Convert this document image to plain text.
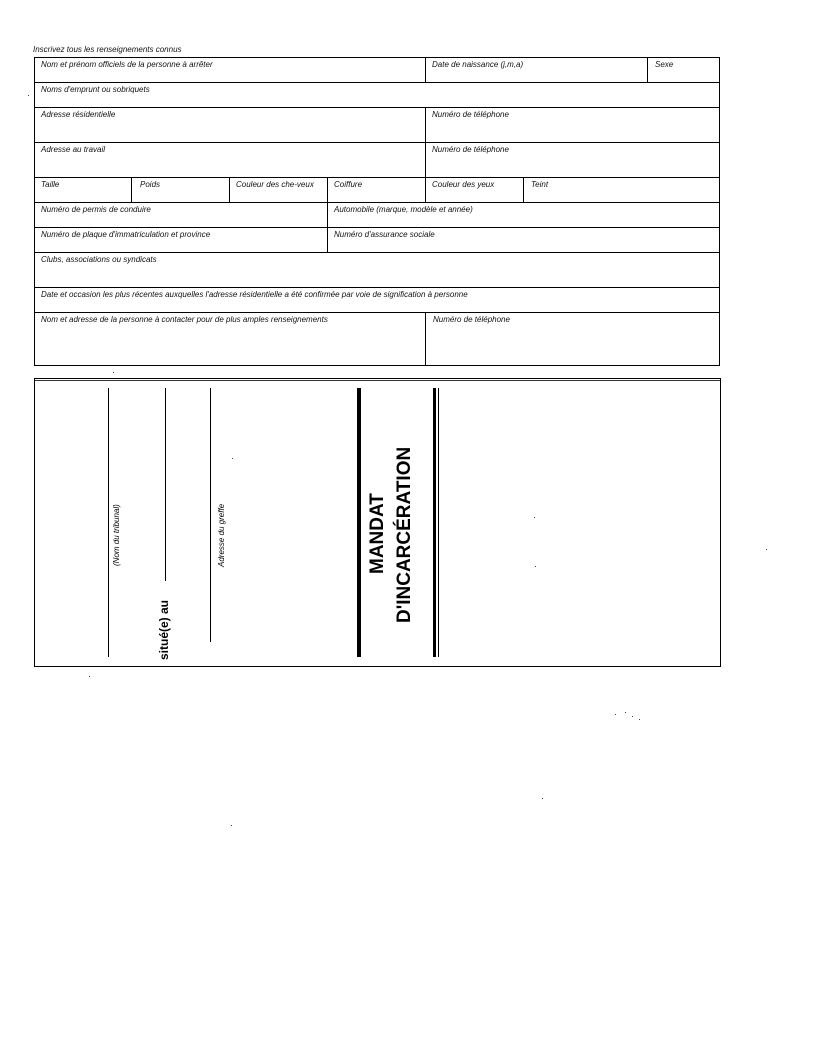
Inscrivez tous les renseignements connus
Nom et prénom officiels de la personne à arrêter	Date de naissance (j,m,a)	Sexe
Noms d'emprunt ou sobriquets
Adresse résidentielle	Numéro de téléphone
Adresse au travail	Numéro de téléphone
Taille	Poids	Couleur des che-veux	Coiffure	Couleur des yeux	Teint
Numéro de permis de conduire	Automobile (marque, modèle et année)
Numéro de plaque d'immatriculation et province	Numéro d'assurance sociale
Clubs, associations ou syndicats
Date et occasion les plus récentes auxquelles l'adresse résidentielle a été confirmée par voie de signification à personne
Nom et adresse de la personne à contacter pour de plus amples renseignements	Numéro de téléphone
(Nom du tribunal)
situé(e) au
Adresse du greffe	MANDAT D'INCARCÉRATION
